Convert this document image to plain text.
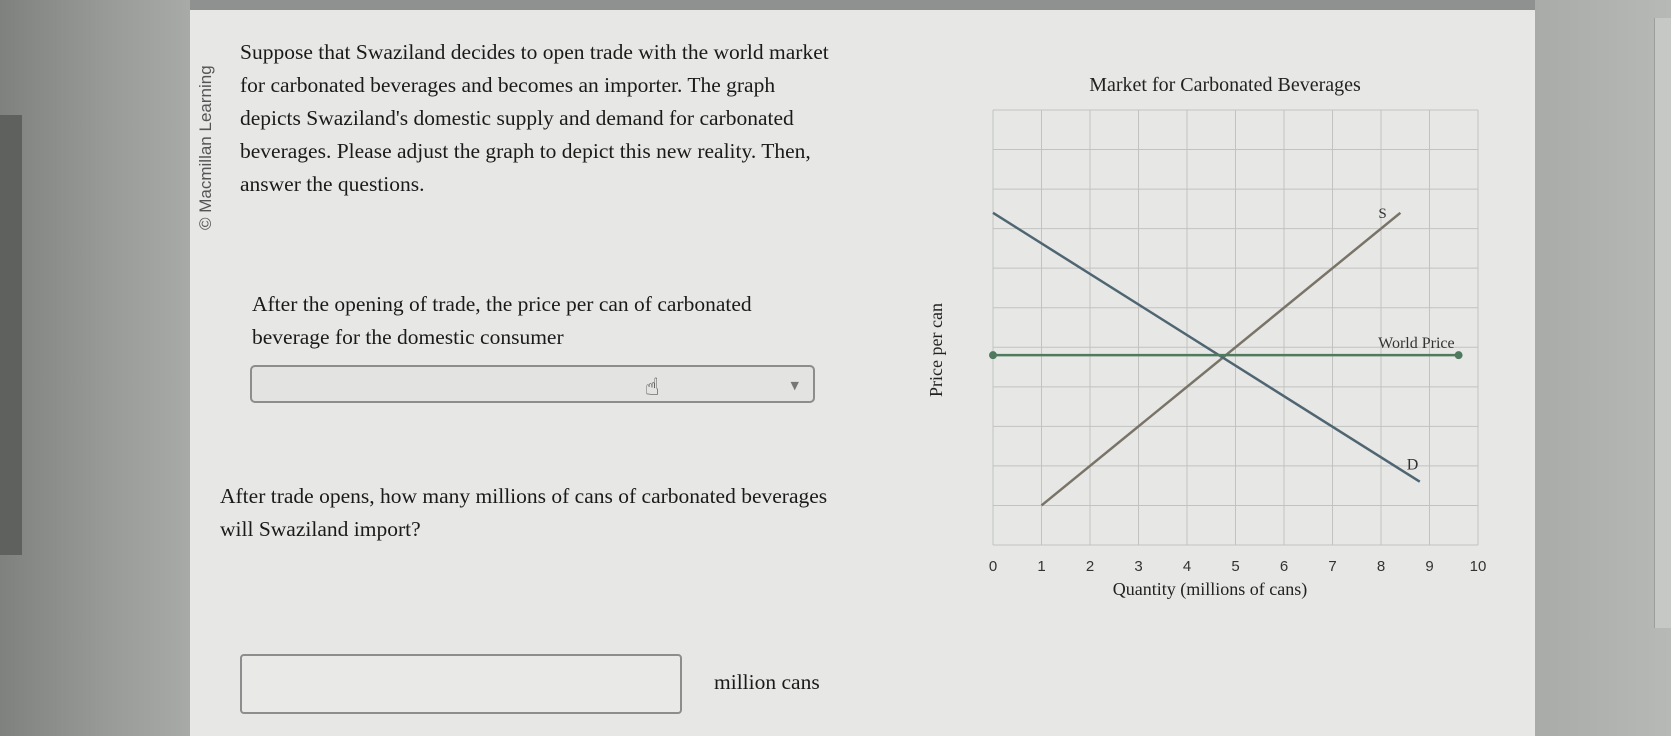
© Macmillan Learning
Suppose that Swaziland decides to open trade with the world market for carbonated beverages and becomes an importer. The graph depicts Swaziland's domestic supply and demand for carbonated beverages. Please adjust the graph to depict this new reality. Then, answer the questions.
After the opening of trade, the price per can of carbonated beverage for the domestic consumer
▼
☝
After trade opens, how many millions of cans of carbonated beverages will Swaziland import?
million cans
Market for Carbonated Beverages
0	1	2	3	4	5	6	7	8	9 10
S
D
World Price
Quantity (millions of cans)
Price per can
